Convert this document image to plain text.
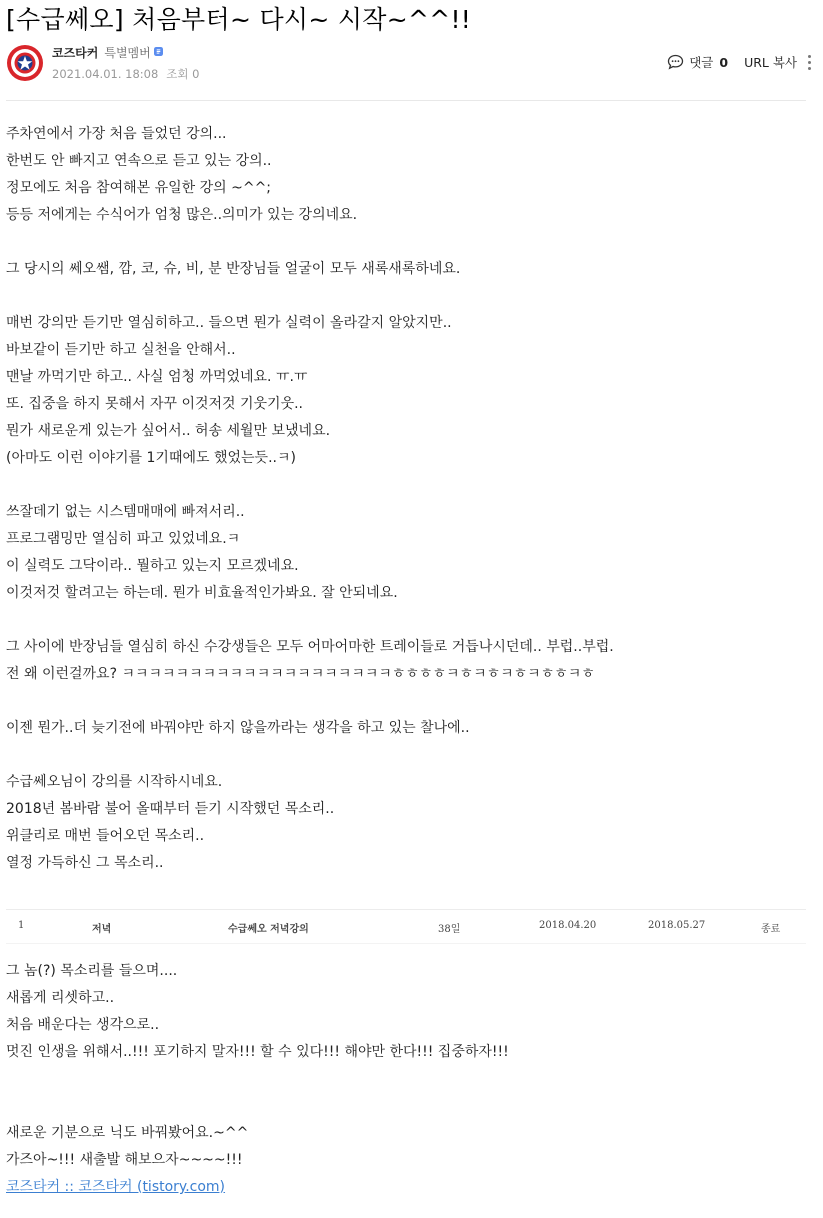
[수급쎄오] 처음부터~ 다시~ 시작~^^!!
코즈타커 특별멤버
2021.04.01. 18:08 조회 0
댓글 0 URL 복사

주차연에서 가장 처음 들었던 강의...

한번도 안 빠지고 연속으로 듣고 있는 강의..

정모에도 처음 참여해본 유일한 강의 ~^^;

등등 저에게는 수식어가 엄청 많은..의미가 있는 강의네요.

그 당시의 쎄오쌤, 깜, 코, 슈, 비, 분 반장님들 얼굴이 모두 새록새록하네요.

매번 강의만 듣기만 열심히하고.. 들으면 뭔가 실력이 올라갈지 알았지만..

바보같이 듣기만 하고 실천을 안해서..

맨날 까먹기만 하고.. 사실 엄청 까먹었네요. ㅠ.ㅠ

또. 집중을 하지 못해서 자꾸 이것저것 기웃기웃..

뭔가 새로운게 있는가 싶어서.. 허송 세월만 보냈네요.

(아마도 이런 이야기를 1기때에도 했었는듯..ㅋ)

쓰잘데기 없는 시스템매매에 빠져서리..

프로그램밍만 열심히 파고 있었네요.ㅋ

이 실력도 그닥이라.. 뭘하고 있는지 모르겠네요.

이것저것 할려고는 하는데. 뭔가 비효율적인가봐요. 잘 안되네요.

그 사이에 반장님들 열심히 하신 수강생들은 모두 어마어마한 트레이들로 거듭나시던데.. 부럽..부럽.

전 왜 이런걸까요? ㅋㅋㅋㅋㅋㅋㅋㅋㅋㅋㅋㅋㅋㅋㅋㅋㅋㅋㅋㅋㅎㅎㅎㅎㅋㅎㅋㅎㅋㅎㅋㅎㅎㅋㅎ

이젠 뭔가..더 늦기전에 바꿔야만 하지 않을까라는 생각을 하고 있는 찰나에..

수급쎄오님이 강의를 시작하시네요.

2018년 봄바람 불어 올때부터 듣기 시작했던 목소리..

위클리로 매번 들어오던 목소리..

열정 가득하신 그 목소리..

1	저녁	수급쎄오 저녁강의	38일	2018.04.20	2018.05.27	종료

그 놈(?) 목소리를 들으며....

새롭게 리셋하고..

처음 배운다는 생각으로..

멋진 인생을 위해서..!!! 포기하지 말자!!! 할 수 있다!!! 해야만 한다!!! 집중하자!!!

새로운 기분으로 닉도 바꿔봤어요.~^^

가즈아~!!! 새출발 해보으자~~~~!!!

코즈타커 :: 코즈타커 (tistory.com)
